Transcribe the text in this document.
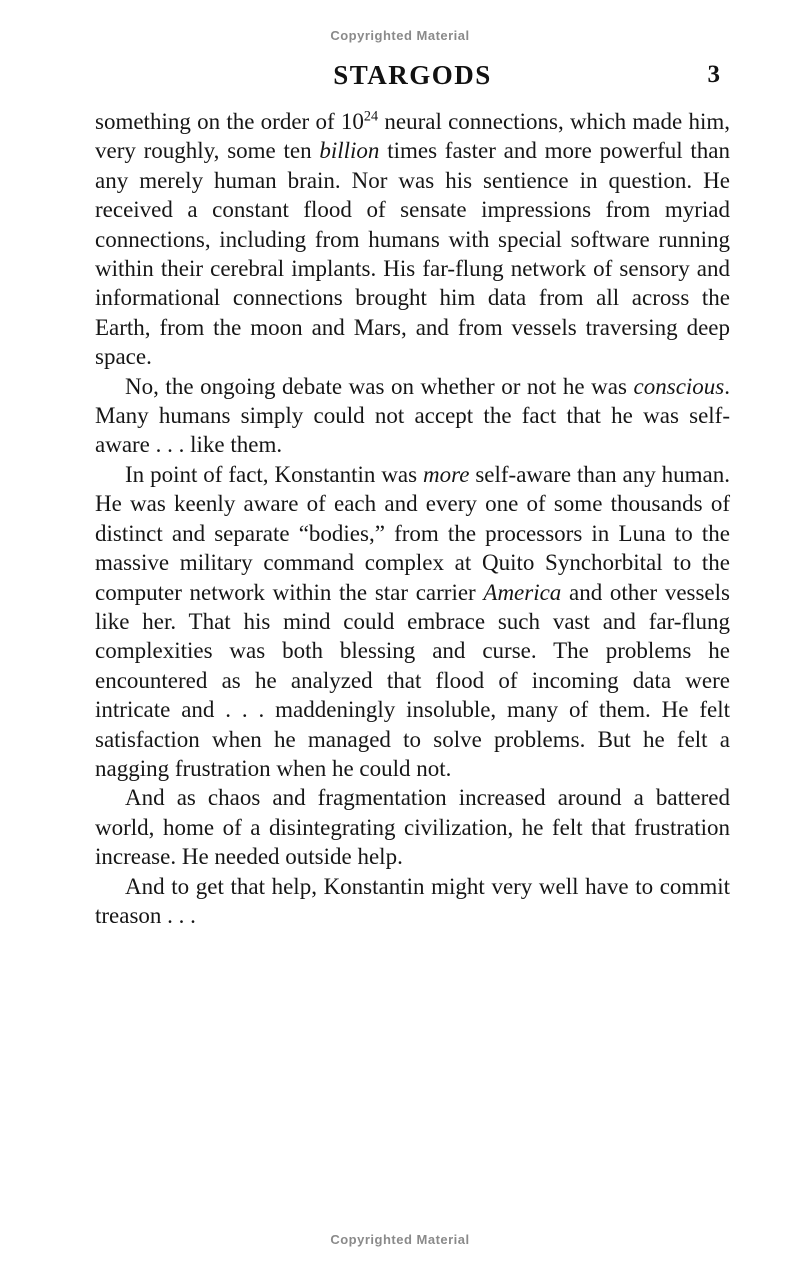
Copyrighted Material
STARGODS	3

something on the order of $10^{24}$ neural connections, which made him, very roughly, some ten billion times faster and more powerful than any merely human brain. Nor was his sentience in question. He received a constant flood of sensate impressions from myriad connections, including from humans with special software running within their cerebral implants. His far-flung network of sensory and informational connections brought him data from all across the Earth, from the moon and Mars, and from vessels traversing deep space.

No, the ongoing debate was on whether or not he was conscious. Many humans simply could not accept the fact that he was self-aware . . . like them.

In point of fact, Konstantin was more self-aware than any human. He was keenly aware of each and every one of some thousands of distinct and separate “bodies,” from the processors in Luna to the massive military command complex at Quito Synchorbital to the computer network within the star carrier America and other vessels like her. That his mind could embrace such vast and far-flung complexities was both blessing and curse. The problems he encountered as he analyzed that flood of incoming data were intricate and . . . maddeningly insoluble, many of them. He felt satisfaction when he managed to solve problems. But he felt a nagging frustration when he could not.

And as chaos and fragmentation increased around a battered world, home of a disintegrating civilization, he felt that frustration increase. He needed outside help.

And to get that help, Konstantin might very well have to commit treason . . .

Copyrighted Material
